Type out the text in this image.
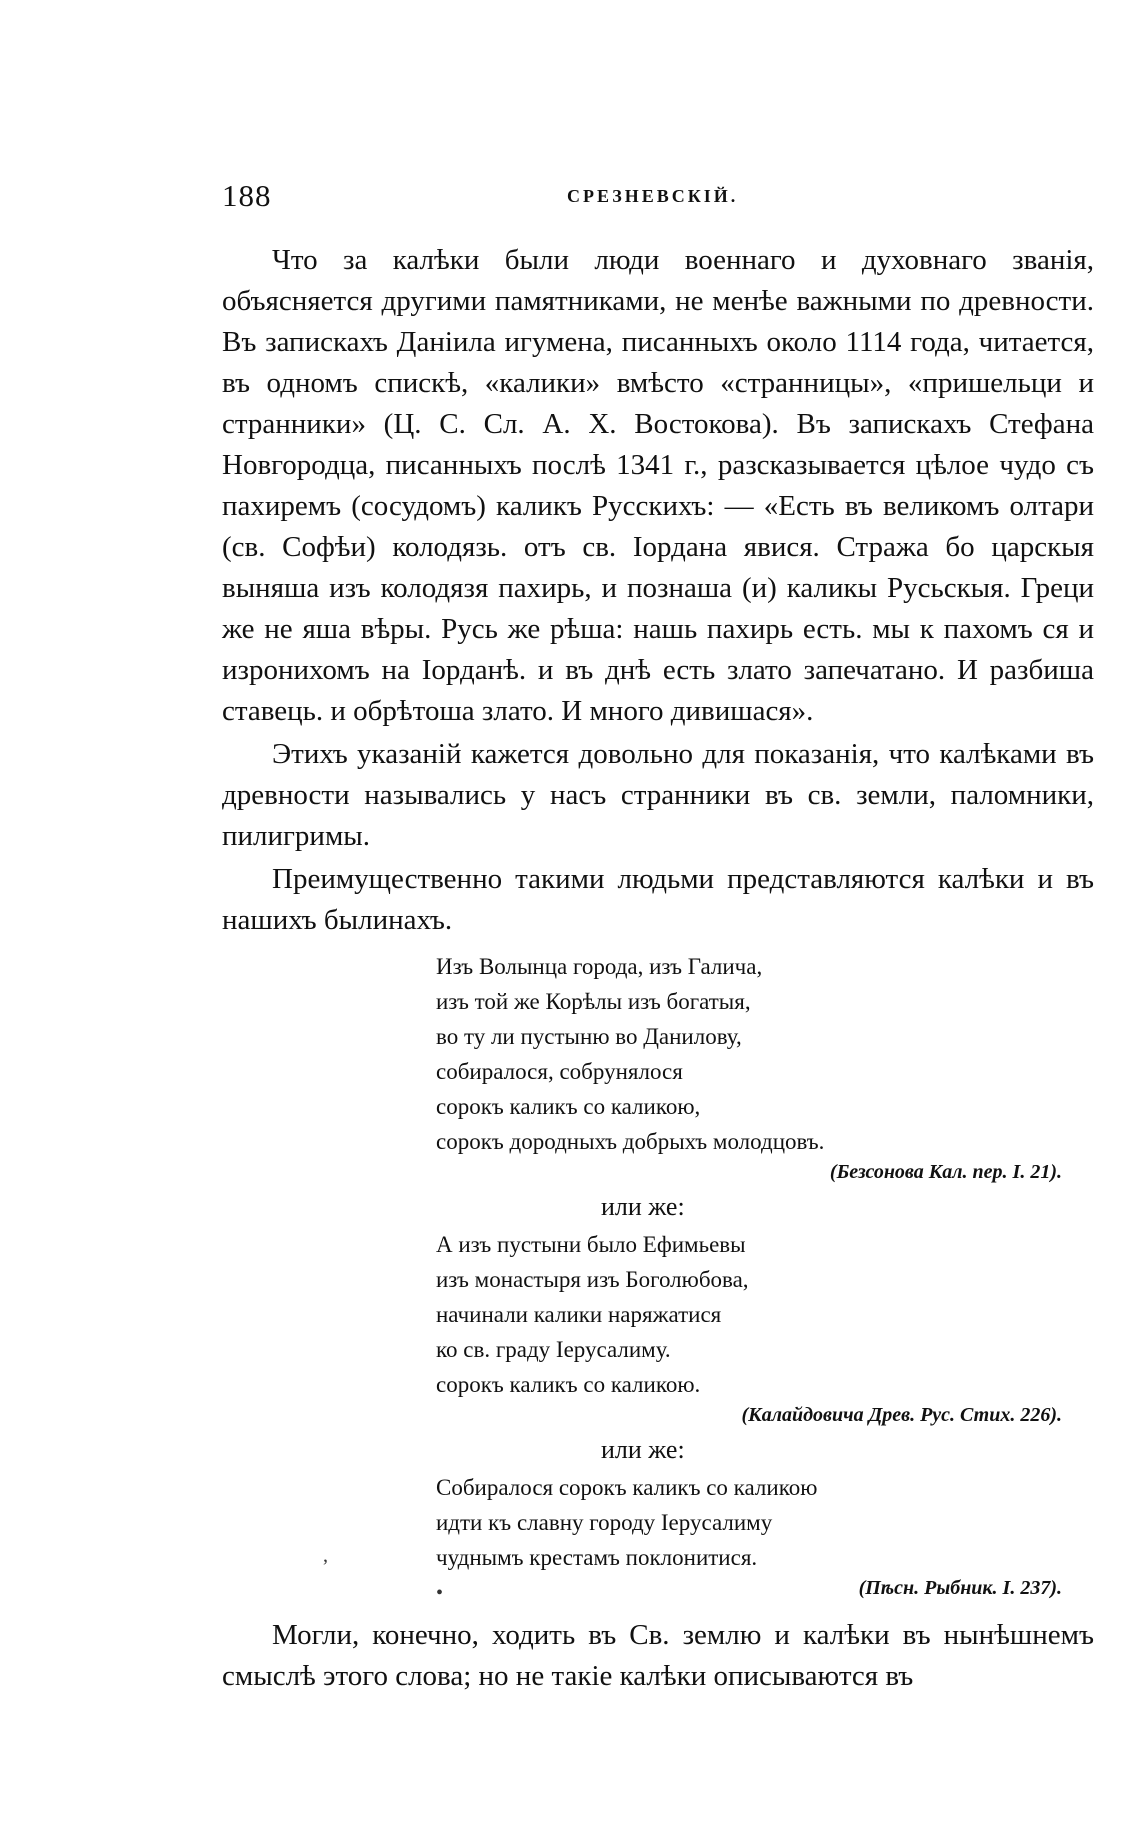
188	СРЕЗНЕВСКІЙ.

Что за калѣки были люди военнаго и духовнаго званія, объясняется другими памятниками, не менѣе важными по древности. Въ запискахъ Даніила игумена, писанныхъ около 1114 года, читается, въ одномъ спискѣ, «калики» вмѣсто «странницы», «пришельци и странники» (Ц. С. Сл. А. Х. Востокова). Въ запискахъ Стефана Новгородца, писанныхъ послѣ 1341 г., разсказывается цѣлое чудо съ пахиремъ (сосудомъ) каликъ Русскихъ: — «Есть въ великомъ олтари (св. Софѣи) колодязь. отъ св. Іордана явися. Стража бо царскыя выняша изъ колодязя пахирь, и познаша (и) каликы Русьскыя. Греци же не яша вѣры. Русь же рѣша: нашь пахирь есть. мы к пахомъ ся и изронихомъ на Іорданѣ. и въ днѣ есть злато запечатано. И разбиша ставець. и обрѣтоша злато. И много дивишася».

Этихъ указаній кажется довольно для показанія, что калѣками въ древности назывались у насъ странники въ св. земли, паломники, пилигримы.

Преимущественно такими людьми представляются калѣки и въ нашихъ былинахъ.

Изъ Волынца города, изъ Галича,
изъ той же Корѣлы изъ богатыя,
во ту ли пустыню во Данилову,
собиралося, собрунялося
сорокъ каликъ со каликою,
сорокъ дородныхъ добрыхъ молодцовъ.
(Безсонова Кал. пер. I. 21).
или же:
А изъ пустыни было Ефимьевы
изъ монастыря изъ Боголюбова,
начинали калики наряжатися
ко св. граду Іерусалиму.
сорокъ каликъ со каликою.
(Калайдовича Древ. Рус. Стих. 226).
или же:
Собиралося сорокъ каликъ со каликою
идти къ славну городу Іерусалиму
чуднымъ крестамъ поклонитися.
(Пѣсн. Рыбник. I. 237).

Могли, конечно, ходить въ Св. землю и калѣки въ нынѣшнемъ смыслѣ этого слова; но не такіе калѣки описываются въ

ʼ
•
